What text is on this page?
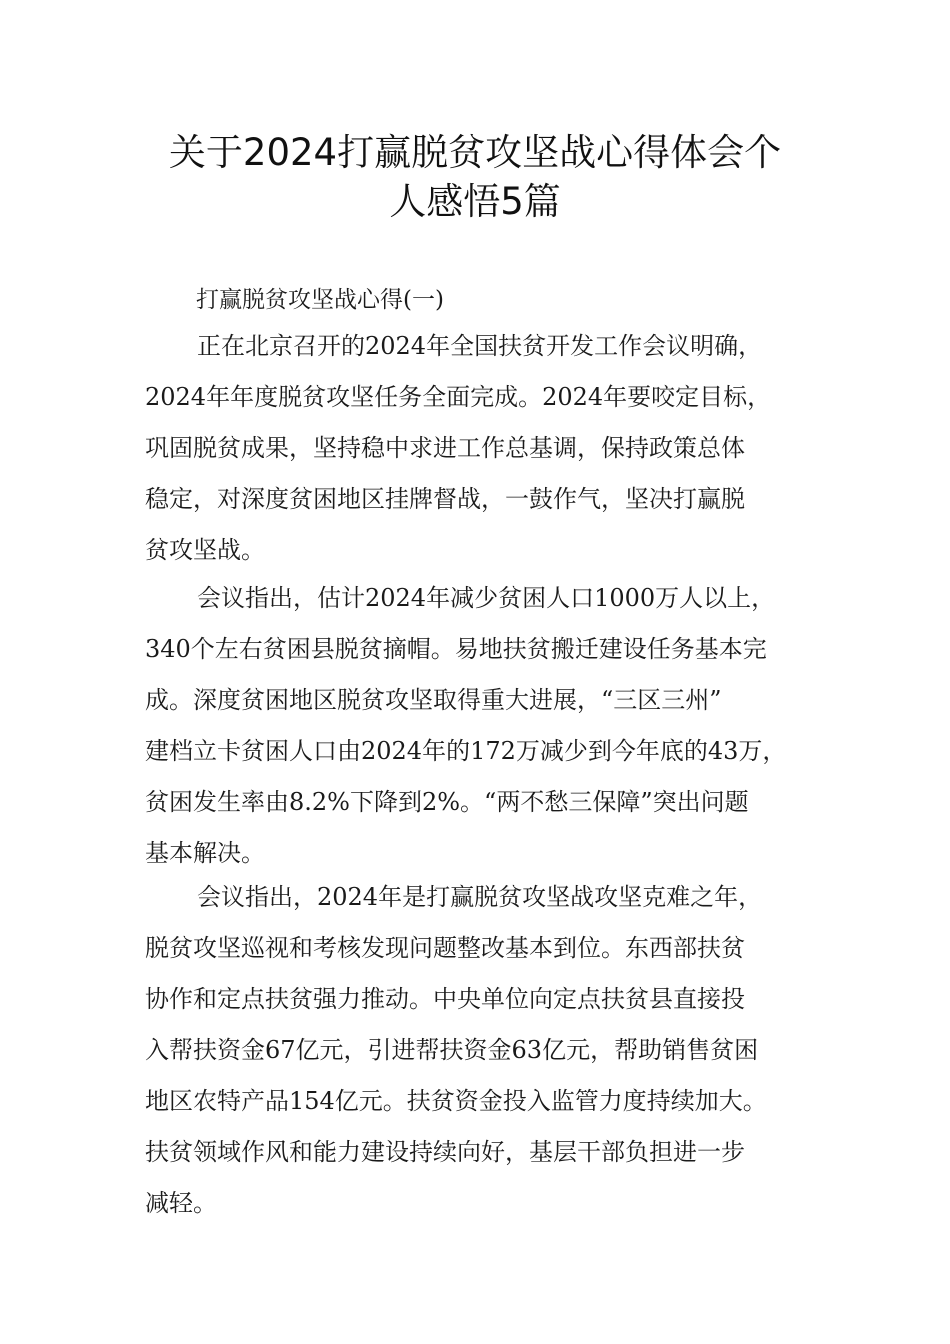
关于2024打赢脱贫攻坚战心得体会个
人感悟5篇

打赢脱贫攻坚战心得(一)

正在北京召开的2024年全国扶贫开发工作会议明确，

2024年年度脱贫攻坚任务全面完成。2024年要咬定目标，

巩固脱贫成果，坚持稳中求进工作总基调，保持政策总体

稳定，对深度贫困地区挂牌督战，一鼓作气，坚决打赢脱

贫攻坚战。

会议指出，估计2024年减少贫困人口1000万人以上，

340个左右贫困县脱贫摘帽。易地扶贫搬迁建设任务基本完

成。深度贫困地区脱贫攻坚取得重大进展，“三区三州”

建档立卡贫困人口由2024年的172万减少到今年底的43万，

贫困发生率由8.2%下降到2%。“两不愁三保障”突出问题

基本解决。

会议指出，2024年是打赢脱贫攻坚战攻坚克难之年，

脱贫攻坚巡视和考核发现问题整改基本到位。东西部扶贫

协作和定点扶贫强力推动。中央单位向定点扶贫县直接投

入帮扶资金67亿元，引进帮扶资金63亿元，帮助销售贫困

地区农特产品154亿元。扶贫资金投入监管力度持续加大。

扶贫领域作风和能力建设持续向好，基层干部负担进一步

减轻。
